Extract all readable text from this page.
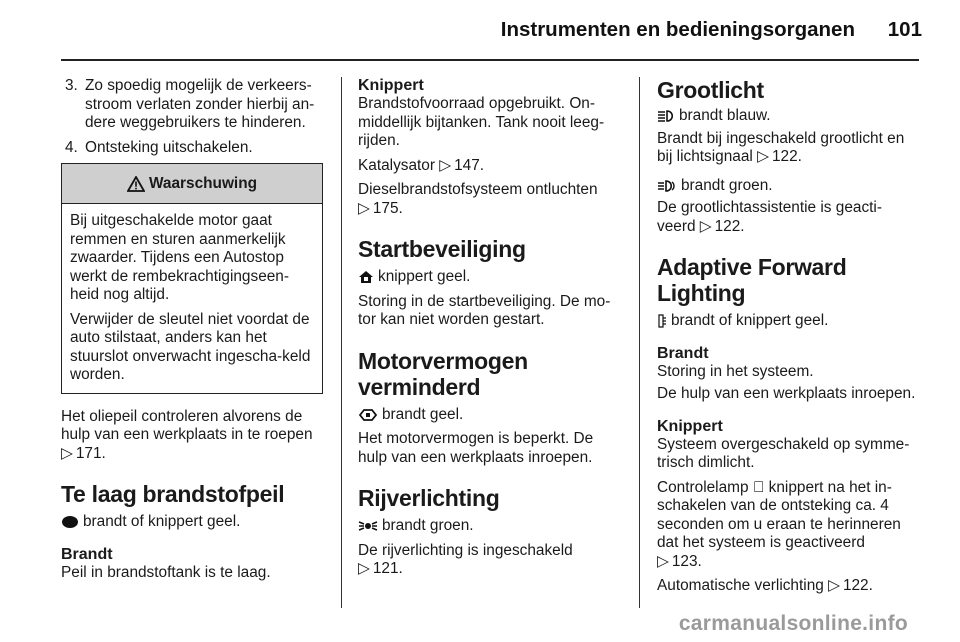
Instrumenten en bedieningsorganen 101
3. Zo spoedig mogelijk de verkeers-stroom verlaten zonder hierbij an-dere weggebruikers te hinderen.
4. Ontsteking uitschakelen.
Waarschuwing

Bij uitgeschakelde motor gaat remmen en sturen aanmerkelijk zwaarder. Tijdens een Autostop werkt de rembekrachtigingseen-heid nog altijd.

Verwijder de sleutel niet voordat de auto stilstaat, anders kan het stuurslot onverwacht ingescha-keld worden.

Het oliepeil controleren alvorens de hulp van een werkplaats in te roepen
▷ 171.

Te laag brandstofpeil
brandt of knippert geel.
Brandt

Peil in brandstoftank is te laag.

Knippert

Brandstofvoorraad opgebruikt. On-middellijk bijtanken. Tank nooit leeg-rijden.

Katalysator ▷ 147.

Dieselbrandstofsysteem ontluchten
▷ 175.

Startbeveiliging
knippert geel.

Storing in de startbeveiliging. De mo-tor kan niet worden gestart.

Motorvermogen
verminderd
brandt geel.

Het motorvermogen is beperkt. De hulp van een werkplaats inroepen.

Rijverlichting
brandt groen.

De rijverlichting is ingeschakeld
▷ 121.

Grootlicht
brandt blauw.

Brandt bij ingeschakeld grootlicht en bij lichtsignaal ▷ 122.

brandt groen.

De grootlichtassistentie is geacti-veerd ▷ 122.

Adaptive Forward Lighting
brandt of knippert geel.
Brandt

Storing in het systeem.

De hulp van een werkplaats inroepen.

Knippert

Systeem overgeschakeld op symme-trisch dimlicht.

Controlelamp knippert na het in-schakelen van de ontsteking ca. 4 seconden om u eraan te herinneren dat het systeem is geactiveerd
▷ 123.

Automatische verlichting ▷ 122.

carmanualsonline.info
